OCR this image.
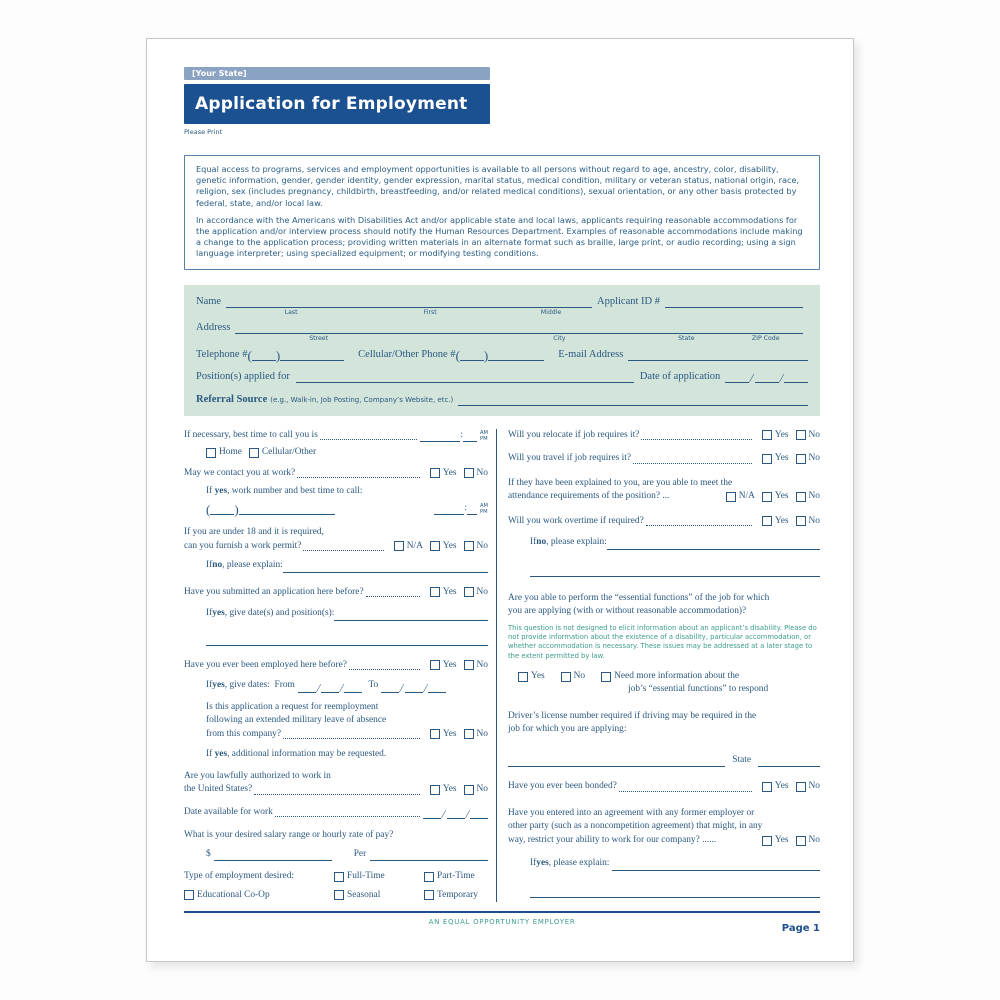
[Your State]
Application for Employment
Please Print

Equal access to programs, services and employment opportunities is available to all persons without regard to age, ancestry, color, disability, genetic information, gender, gender identity, gender expression, marital status, medical condition, military or veteran status, national origin, race, religion, sex (includes pregnancy, childbirth, breastfeeding, and/or related medical conditions), sexual orientation, or any other basis protected by federal, state, and/or local law.

In accordance with the Americans with Disabilities Act and/or applicable state and local laws, applicants requiring reasonable accommodations for the application and/or interview process should notify the Human Resources Department. Examples of reasonable accommodations include making a change to the application process; providing written materials in an alternate format such as braille, large print, or audio recording; using a sign language interpreter; using specialized equipment; or modifying testing conditions.

Name
Last	First	Middle
Applicant ID #
Address
Street	City	State	ZIP Code
Telephone # ( )	Cellular/Other Phone # ( )	E-mail Address
Position(s) applied for	Date of application / /
Referral Source (e.g., Walk-in, Job Posting, Company’s Website, etc.)
If necessary, best time to call you is	:	AM
PM
Home Cellular/Other
May we contact you at work?	Yes No
If yes, work number and best time to call:
( )	:	AM
PM
If you are under 18 and it is required,
can you furnish a work permit?	N/A Yes No
If no , please explain:
Have you submitted an application here before?	Yes No
If yes , give date(s) and position(s):
Have you ever been employed here before?	Yes No
If yes , give dates:  From / /	To / /
Is this application a request for reemployment
following an extended military leave of absence
from this company?	Yes No
If yes, additional information may be requested.
Are you lawfully authorized to work in
the United States?	Yes No
Date available for work	/ /
What is your desired salary range or hourly rate of pay?
$	Per
Type of employment desired:	Full-Time	Part-Time
Educational Co-Op	Seasonal	Temporary
Will you relocate if job requires it?	Yes No
Will you travel if job requires it?	Yes No
If they have been explained to you, are you able to meet the
attendance requirements of the position? ...	N/A Yes No
Will you work overtime if required?	Yes No
If no , please explain:
Are you able to perform the “essential functions” of the job for which
you are applying (with or without reasonable accommodation)?
This question is not designed to elicit information about an applicant’s disability. Please do not provide information about the existence of a disability, particular accommodation, or whether accommodation is necessary. These issues may be addressed at a later stage to the extent permitted by law.
Yes	No	Need more information about the
job’s “essential functions” to respond
Driver’s license number required if driving may be required in the
job for which you are applying:
State
Have you ever been bonded?	Yes No
Have you entered into an agreement with any former employer or
other party (such as a noncompetition agreement) that might, in any
way, restrict your ability to work for our company? ......	Yes No
If yes , please explain:
AN EQUAL OPPORTUNITY EMPLOYER
Page 1
